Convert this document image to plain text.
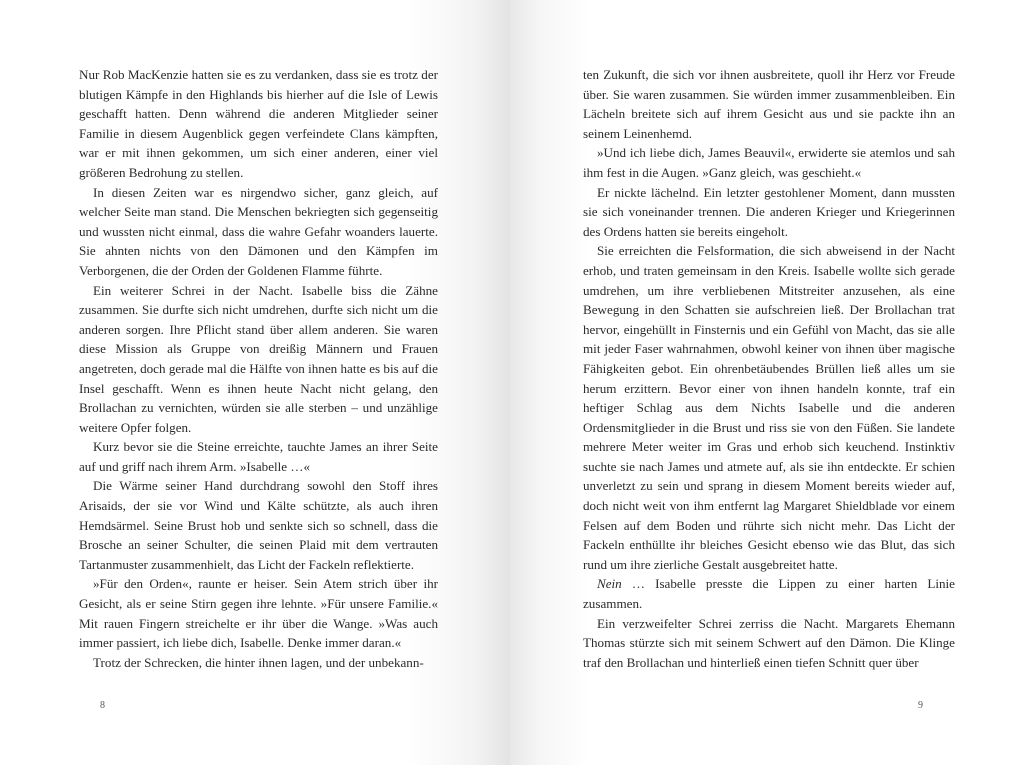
Nur Rob MacKenzie hatten sie es zu verdanken, dass sie es trotz der blutigen Kämpfe in den Highlands bis hierher auf die Isle of Lewis geschafft hatten. Denn während die anderen Mitglieder seiner Familie in diesem Augenblick gegen verfeindete Clans kämpften, war er mit ihnen gekommen, um sich einer anderen, einer viel größeren Bedrohung zu stellen.

In diesen Zeiten war es nirgendwo sicher, ganz gleich, auf welcher Seite man stand. Die Menschen bekriegten sich gegenseitig und wussten nicht einmal, dass die wahre Gefahr woanders lauerte. Sie ahnten nichts von den Dämonen und den Kämpfen im Verborgenen, die der Orden der Goldenen Flamme führte.

Ein weiterer Schrei in der Nacht. Isabelle biss die Zähne zusammen. Sie durfte sich nicht umdrehen, durfte sich nicht um die anderen sorgen. Ihre Pflicht stand über allem anderen. Sie waren diese Mission als Gruppe von dreißig Männern und Frauen angetreten, doch gerade mal die Hälfte von ihnen hatte es bis auf die Insel geschafft. Wenn es ihnen heute Nacht nicht gelang, den Brollachan zu vernichten, würden sie alle sterben – und unzählige weitere Opfer folgen.

Kurz bevor sie die Steine erreichte, tauchte James an ihrer Seite auf und griff nach ihrem Arm. »Isabelle …«

Die Wärme seiner Hand durchdrang sowohl den Stoff ihres Arisaids, der sie vor Wind und Kälte schützte, als auch ihren Hemdsärmel. Seine Brust hob und senkte sich so schnell, dass die Brosche an seiner Schulter, die seinen Plaid mit dem vertrauten Tartanmuster zusammenhielt, das Licht der Fackeln reflektierte.

»Für den Orden«, raunte er heiser. Sein Atem strich über ihr Gesicht, als er seine Stirn gegen ihre lehnte. »Für unsere Familie.« Mit rauen Fingern streichelte er ihr über die Wange. »Was auch immer passiert, ich liebe dich, Isabelle. Denke immer daran.«

Trotz der Schrecken, die hinter ihnen lagen, und der unbekann-

8

ten Zukunft, die sich vor ihnen ausbreitete, quoll ihr Herz vor Freude über. Sie waren zusammen. Sie würden immer zusammenbleiben. Ein Lächeln breitete sich auf ihrem Gesicht aus und sie packte ihn an seinem Leinenhemd.

»Und ich liebe dich, James Beauvil«, erwiderte sie atemlos und sah ihm fest in die Augen. »Ganz gleich, was geschieht.«

Er nickte lächelnd. Ein letzter gestohlener Moment, dann mussten sie sich voneinander trennen. Die anderen Krieger und Kriegerinnen des Ordens hatten sie bereits eingeholt.

Sie erreichten die Felsformation, die sich abweisend in der Nacht erhob, und traten gemeinsam in den Kreis. Isabelle wollte sich gerade umdrehen, um ihre verbliebenen Mitstreiter anzusehen, als eine Bewegung in den Schatten sie aufschreien ließ. Der Brollachan trat hervor, eingehüllt in Finsternis und ein Gefühl von Macht, das sie alle mit jeder Faser wahrnahmen, obwohl keiner von ihnen über magische Fähigkeiten gebot. Ein ohrenbetäubendes Brüllen ließ alles um sie herum erzittern. Bevor einer von ihnen handeln konnte, traf ein heftiger Schlag aus dem Nichts Isabelle und die anderen Ordensmitglieder in die Brust und riss sie von den Füßen. Sie landete mehrere Meter weiter im Gras und erhob sich keuchend. Instinktiv suchte sie nach James und atmete auf, als sie ihn entdeckte. Er schien unverletzt zu sein und sprang in diesem Moment bereits wieder auf, doch nicht weit von ihm entfernt lag Margaret Shieldblade vor einem Felsen auf dem Boden und rührte sich nicht mehr. Das Licht der Fackeln enthüllte ihr bleiches Gesicht ebenso wie das Blut, das sich rund um ihre zierliche Gestalt ausgebreitet hatte.

Nein … Isabelle presste die Lippen zu einer harten Linie zusammen.

Ein verzweifelter Schrei zerriss die Nacht. Margarets Ehemann Thomas stürzte sich mit seinem Schwert auf den Dämon. Die Klinge traf den Brollachan und hinterließ einen tiefen Schnitt quer über

9
